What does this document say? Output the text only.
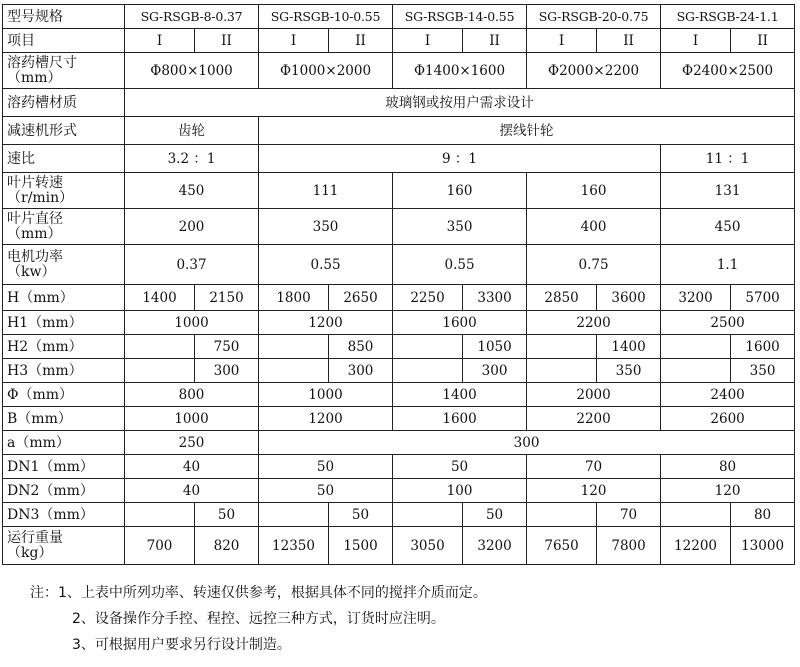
型号规格	SG-RSGB-8-0.37		SG-RSGB-10-0.55		SG-RSGB-14-0.55		SG-RSGB-20-0.75		SG-RSGB-24-1.1	
项目	I	II	I	II	I	II	I	II	I	II
溶药槽尺寸
（mm）	Φ800×1000		Φ1000×2000		Φ1400×1600		Φ2000×2200		Φ2400×2500	
溶药槽材质	玻璃钢或按用户需求设计									
减速机形式	齿轮		摆线针轮							
速比	3.2 ：1		9 ：1						11 ：1	
叶片转速
（r/min）	450		111		160		160		131	
叶片直径
（mm）	200		350		350		400		450	
电机功率
（kw）	0.37		0.55		0.55		0.75		1.1	
H（mm）	1400	2150	1800	2650	2250	3300	2850	3600	3200	5700
H1（mm）	1000		1200		1600		2200		2500	
H2（mm）		750		850		1050		1400		1600
H3（mm）		300		300		300		350		350
Φ（mm）	800		1000		1400		2000		2400	
B（mm）	1000		1200		1600		2200		2600	
a（mm）	250		300							
DN1（mm）	40		50		50		70		80	
DN2（mm）	40		50		100		120		120	
DN3（mm）		50		50		50		70		80
运行重量
（kg）	700	820	12350	1500	3050	3200	7650	7800	12200	13000
注：1、上表中所列功率、转速仅供参考，根据具体不同的搅拌介质而定。
2、设备操作分手控、程控、远控三种方式，订货时应注明。
3、可根据用户要求另行设计制造。
